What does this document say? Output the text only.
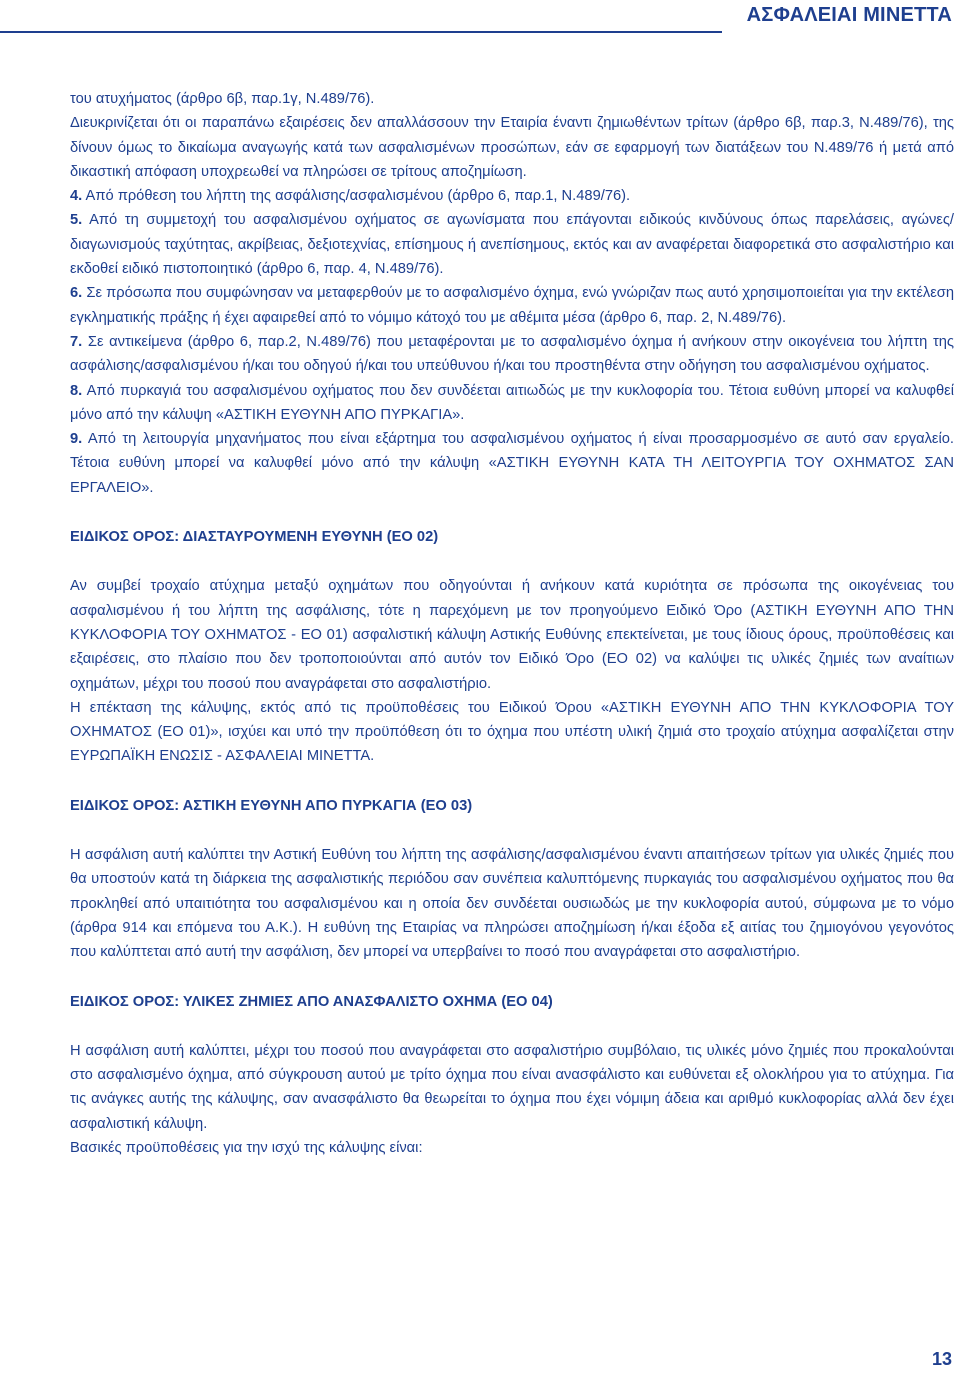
ΑΣΦΑΛΕΙΑΙ ΜΙΝΕΤΤΑ

του ατυχήματος (άρθρο 6β, παρ.1γ, Ν.489/76).

Διευκρινίζεται ότι οι παραπάνω εξαιρέσεις δεν απαλλάσσουν την Εταιρία έναντι ζημιωθέντων τρίτων (άρθρο 6β, παρ.3, Ν.489/76), της δίνουν όμως το δικαίωμα αναγωγής κατά των ασφαλισμένων προσώπων, εάν σε εφαρμογή των διατάξεων του Ν.489/76 ή μετά από δικαστική απόφαση υποχρεωθεί να πληρώσει σε τρίτους αποζημίωση.

4. Από πρόθεση του λήπτη της ασφάλισης/ασφαλισμένου (άρθρο 6, παρ.1, Ν.489/76).

5. Από τη συμμετοχή του ασφαλισμένου οχήματος σε αγωνίσματα που επάγονται ειδικούς κινδύνους όπως παρελάσεις, αγώνες/διαγωνισμούς ταχύτητας, ακρίβειας, δεξιοτεχνίας, επίσημους ή ανεπίσημους, εκτός και αν αναφέρεται διαφορετικά στο ασφαλιστήριο και εκδοθεί ειδικό πιστοποιητικό (άρθρο 6, παρ. 4, Ν.489/76).

6. Σε πρόσωπα που συμφώνησαν να μεταφερθούν με το ασφαλισμένο όχημα, ενώ γνώριζαν πως αυτό χρησιμοποιείται για την εκτέλεση εγκληματικής πράξης ή έχει αφαιρεθεί από το νόμιμο κάτοχό του με αθέμιτα μέσα (άρθρο 6, παρ. 2, Ν.489/76).

7. Σε αντικείμενα (άρθρο 6, παρ.2, Ν.489/76) που μεταφέρονται με το ασφαλισμένο όχημα ή ανήκουν στην οικογένεια του λήπτη της ασφάλισης/ασφαλισμένου ή/και του οδηγού ή/και του υπεύθυνου ή/και του προστηθέντα στην οδήγηση του ασφαλισμένου οχήματος.

8. Από πυρκαγιά του ασφαλισμένου οχήματος που δεν συνδέεται αιτιωδώς με την κυκλοφορία του. Τέτοια ευθύνη μπορεί να καλυφθεί μόνο από την κάλυψη «ΑΣΤΙΚΗ ΕΥΘΥΝΗ ΑΠΟ ΠΥΡΚΑΓΙΑ».

9. Από τη λειτουργία μηχανήματος που είναι εξάρτημα του ασφαλισμένου οχήματος ή είναι προσαρμοσμένο σε αυτό σαν εργαλείο. Τέτοια ευθύνη μπορεί να καλυφθεί μόνο από την κάλυψη «ΑΣΤΙΚΗ ΕΥΘΥΝΗ ΚΑΤΑ ΤΗ ΛΕΙΤΟΥΡΓΙΑ ΤΟΥ ΟΧΗΜΑΤΟΣ ΣΑΝ ΕΡΓΑΛΕΙΟ».

ΕΙΔΙΚΟΣ ΟΡΟΣ: ΔΙΑΣΤΑΥΡΟΥΜΕΝΗ ΕΥΘΥΝΗ (ΕΟ 02)

Αν συμβεί τροχαίο ατύχημα μεταξύ οχημάτων που οδηγούνται ή ανήκουν κατά κυριότητα σε πρόσωπα της οικογένειας του ασφαλισμένου ή του λήπτη της ασφάλισης, τότε η παρεχόμενη με τον προηγούμενο Ειδικό Όρο (ΑΣΤΙΚΗ ΕΥΘΥΝΗ ΑΠΟ ΤΗΝ ΚΥΚΛΟΦΟΡΙΑ ΤΟΥ ΟΧΗΜΑΤΟΣ - ΕΟ 01) ασφαλιστική κάλυψη Αστικής Ευθύνης επεκτείνεται, με τους ίδιους όρους, προϋποθέσεις και εξαιρέσεις, στο πλαίσιο που δεν τροποποιούνται από αυτόν τον Ειδικό Όρο (ΕΟ 02) να καλύψει τις υλικές ζημιές των αναίτιων οχημάτων, μέχρι του ποσού που αναγράφεται στο ασφαλιστήριο.

Η επέκταση της κάλυψης, εκτός από τις προϋποθέσεις του Ειδικού Όρου «ΑΣΤΙΚΗ ΕΥΘΥΝΗ ΑΠΟ ΤΗΝ ΚΥΚΛΟΦΟΡΙΑ ΤΟΥ ΟΧΗΜΑΤΟΣ (ΕΟ 01)», ισχύει και υπό την προϋπόθεση ότι το όχημα που υπέστη υλική ζημιά στο τροχαίο ατύχημα ασφαλίζεται στην ΕΥΡΩΠΑΪΚΗ ΕΝΩΣΙΣ - ΑΣΦΑΛΕΙΑΙ ΜΙΝΕΤΤΑ.

ΕΙΔΙΚΟΣ ΟΡΟΣ: ΑΣΤΙΚΗ ΕΥΘΥΝΗ ΑΠΟ ΠΥΡΚΑΓΙΑ (ΕΟ 03)

Η ασφάλιση αυτή καλύπτει την Αστική Ευθύνη του λήπτη της ασφάλισης/ασφαλισμένου έναντι απαιτήσεων τρίτων για υλικές ζημιές που θα υποστούν κατά τη διάρκεια της ασφαλιστικής περιόδου σαν συνέπεια καλυπτόμενης πυρκαγιάς του ασφαλισμένου οχήματος που θα προκληθεί από υπαιτιότητα του ασφαλισμένου και η οποία δεν συνδέεται ουσιωδώς με την κυκλοφορία αυτού, σύμφωνα με το νόμο (άρθρα 914 και επόμενα του Α.Κ.). Η ευθύνη της Εταιρίας να πληρώσει αποζημίωση ή/και έξοδα εξ αιτίας του ζημιογόνου γεγονότος που καλύπτεται από αυτή την ασφάλιση, δεν μπορεί να υπερβαίνει το ποσό που αναγράφεται στο ασφαλιστήριο.

ΕΙΔΙΚΟΣ ΟΡΟΣ: ΥΛΙΚΕΣ ΖΗΜΙΕΣ ΑΠΟ ΑΝΑΣΦΑΛΙΣΤΟ ΟΧΗΜΑ (ΕΟ 04)

Η ασφάλιση αυτή καλύπτει, μέχρι του ποσού που αναγράφεται στο ασφαλιστήριο συμβόλαιο, τις υλικές μόνο ζημιές που προκαλούνται στο ασφαλισμένο όχημα, από σύγκρουση αυτού με τρίτο όχημα που είναι ανασφάλιστο και ευθύνεται εξ ολοκλήρου για το ατύχημα. Για τις ανάγκες αυτής της κάλυψης, σαν ανασφάλιστο θα θεωρείται το όχημα που έχει νόμιμη άδεια και αριθμό κυκλοφορίας αλλά δεν έχει ασφαλιστική κάλυψη.

Βασικές προϋποθέσεις για την ισχύ της κάλυψης είναι:

13
